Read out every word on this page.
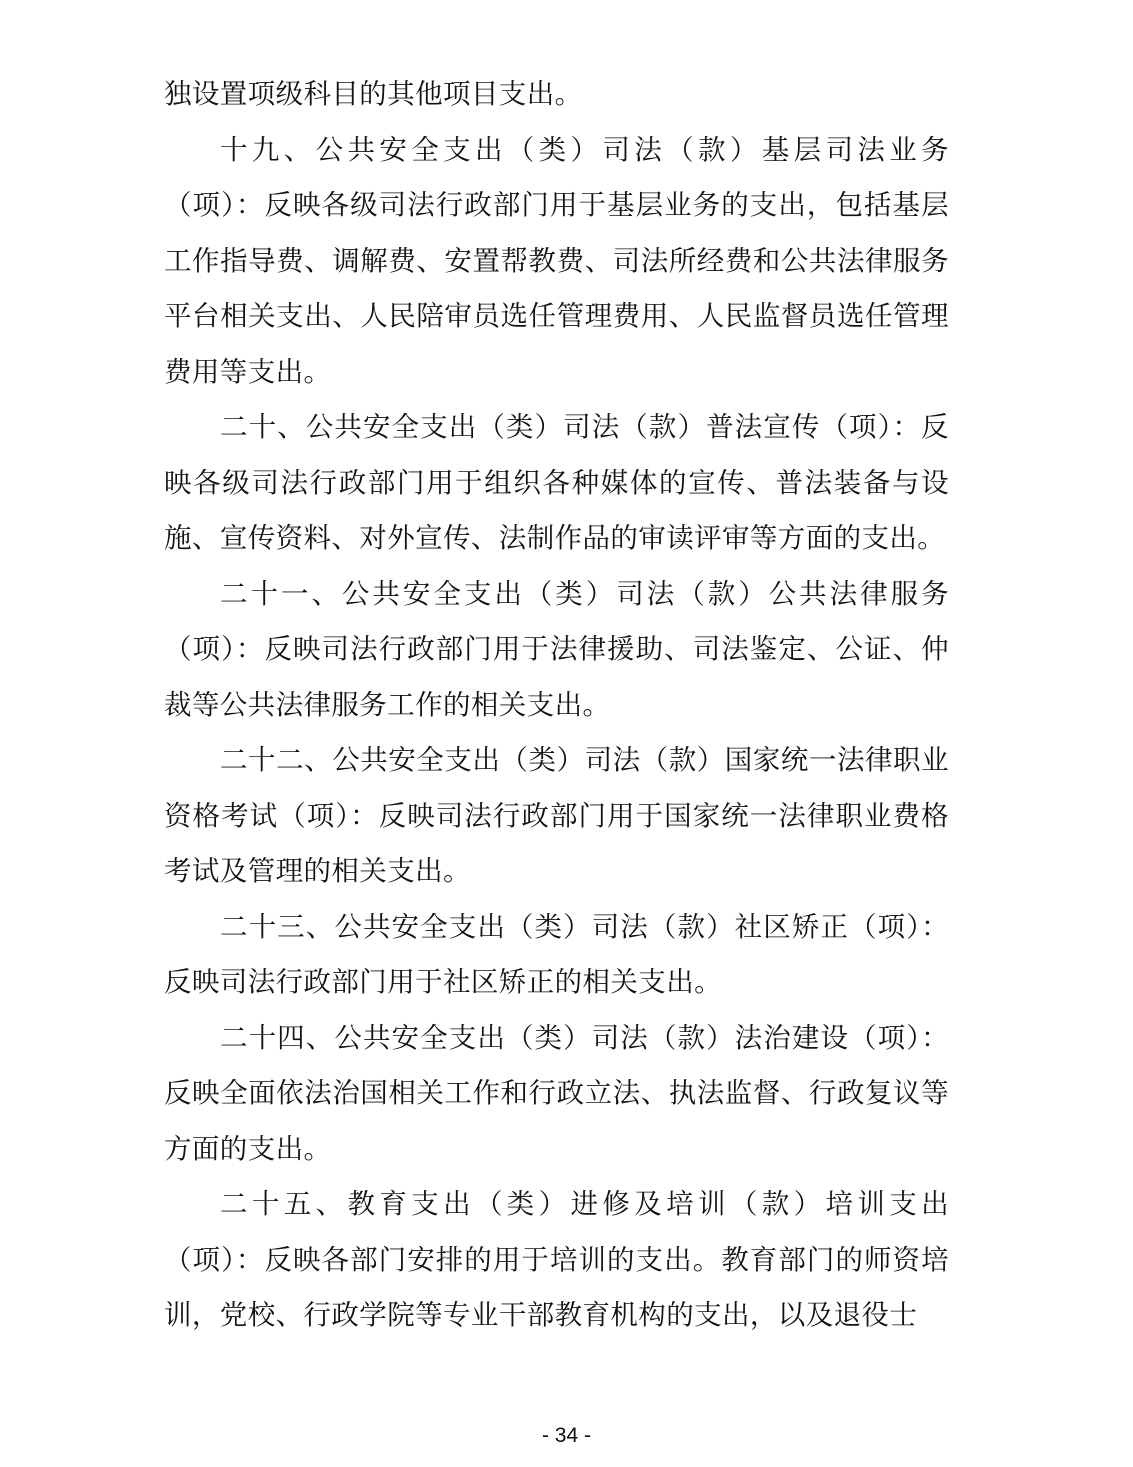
独设置项级科目的其他项目支出。

十九、公共安全支出（类）司法（款）基层司法业务（项）：反映各级司法行政部门用于基层业务的支出，包括基层工作指导费、调解费、安置帮教费、司法所经费和公共法律服务平台相关支出、人民陪审员选任管理费用、人民监督员选任管理费用等支出。

二十、公共安全支出（类）司法（款）普法宣传（项）：反映各级司法行政部门用于组织各种媒体的宣传、普法装备与设施、宣传资料、对外宣传、法制作品的审读评审等方面的支出。

二十一、公共安全支出（类）司法（款）公共法律服务（项）：反映司法行政部门用于法律援助、司法鉴定、公证、仲裁等公共法律服务工作的相关支出。

二十二、公共安全支出（类）司法（款）国家统一法律职业资格考试（项）：反映司法行政部门用于国家统一法律职业费格考试及管理的相关支出。

二十三、公共安全支出（类）司法（款）社区矫正（项）：反映司法行政部门用于社区矫正的相关支出。

二十四、公共安全支出（类）司法（款）法治建设（项）：反映全面依法治国相关工作和行政立法、执法监督、行政复议等方面的支出。

二十五、教育支出（类）进修及培训（款）培训支出（项）：反映各部门安排的用于培训的支出。教育部门的师资培训，党校、行政学院等专业干部教育机构的支出，以及退役士

- 34 -
